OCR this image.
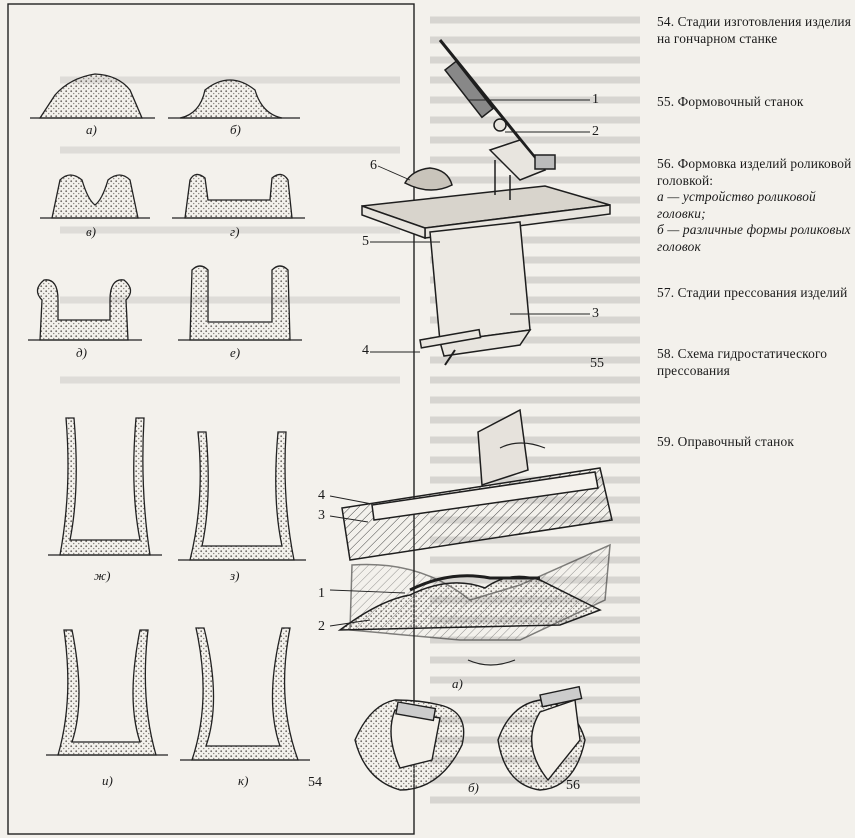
а)	б)
в)	г)
д)	е)
ж)	з)
и)	к)	54
1
2
3
4
5
6
55
1
2
3
4
а)
б)	56

54. Стадии изготовления изделия на гончарном станке

55. Формовочный станок

56. Формовка изделий роликовой головкой:
а — устройство роликовой головки;
б — различные формы роликовых головок

57. Стадии прессования изделий

58. Схема гидростатического прессования

59. Оправочный станок
